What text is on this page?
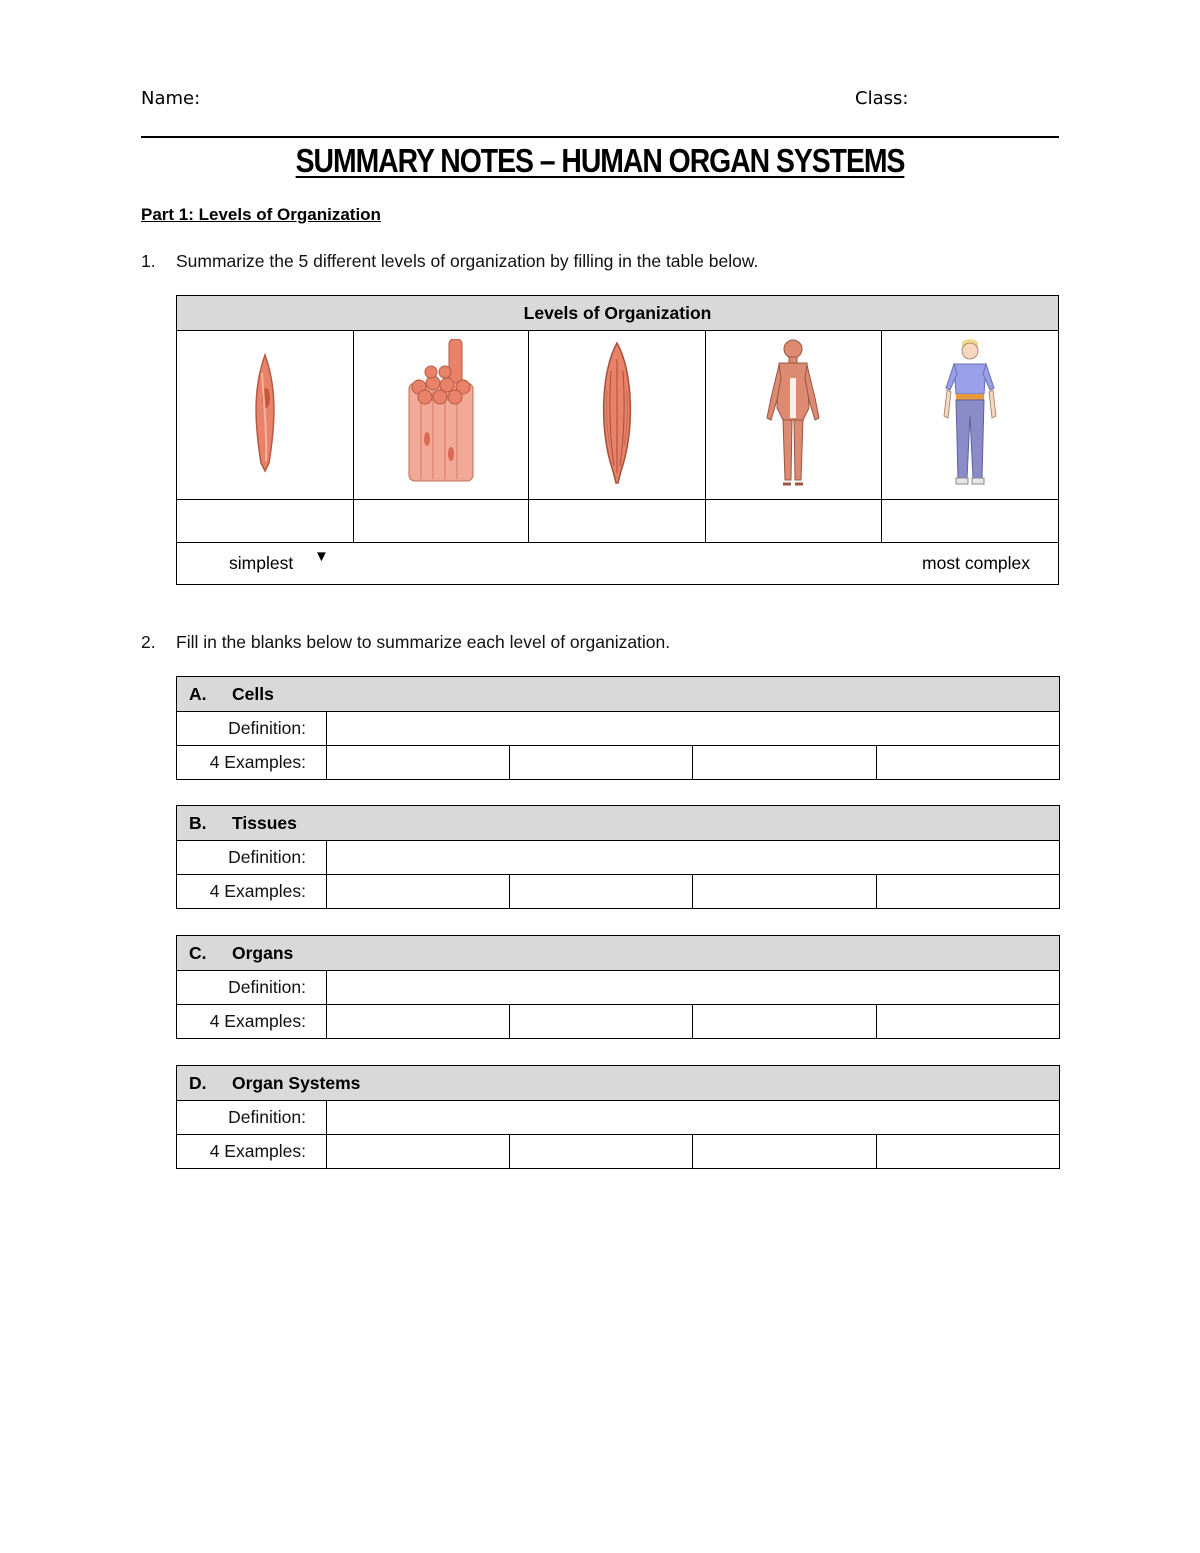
Name:	Class:
SUMMARY NOTES – HUMAN ORGAN SYSTEMS
Part 1: Levels of Organization
1. Summarize the 5 different levels of organization by filling in the table below.
Levels of Organization				

simplest ▼ most complex				
2. Fill in the blanks below to summarize each level of organization.
A. Cells				
Definition:				
4 Examples:				
B. Tissues				
Definition:				
4 Examples:				
C. Organs				
Definition:				
4 Examples:				
D. Organ Systems				
Definition:				
4 Examples:				
